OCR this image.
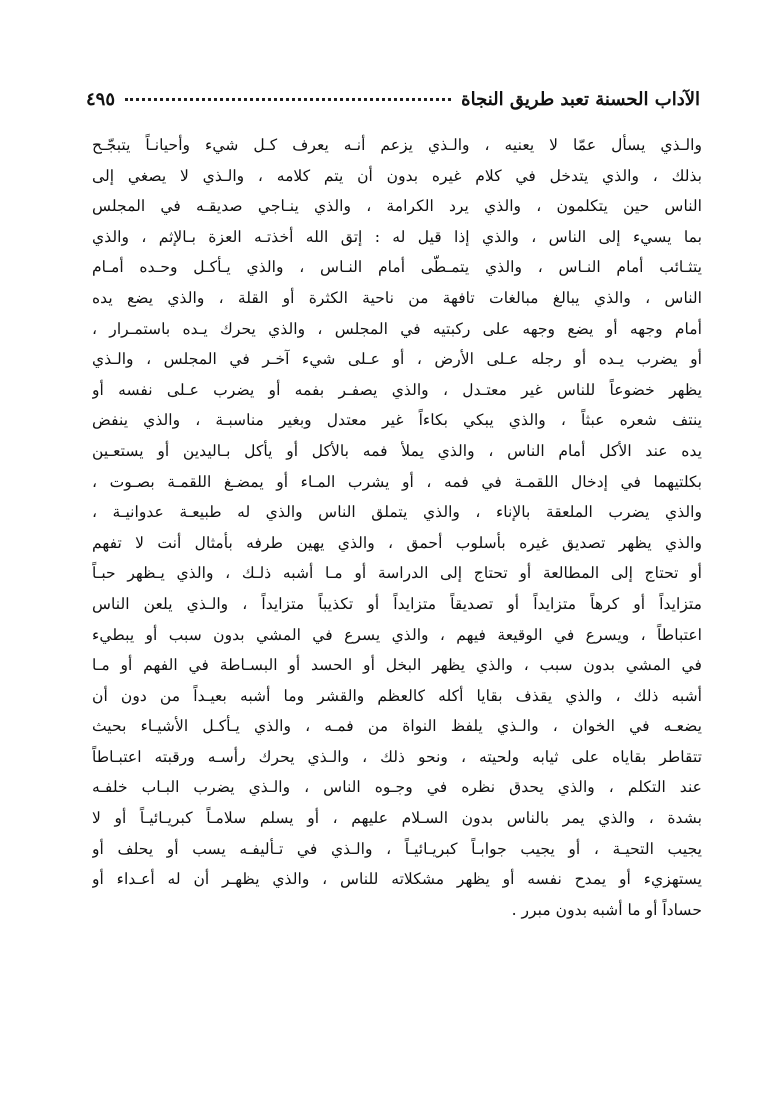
الآداب الحسنة تعبد طريق النجاة
٤٩٥
والـذي يسأل عمّا لا يعنيه ، والـذي يزعم أنـه يعرف كـل شيء وأحيانـاً يتبجّـح
بذلك ، والذي يتدخل في كلام غيره بدون أن يتم كلامه ، والـذي لا يصغي إلى
الناس حين يتكلمون ، والذي يرد الكرامة ، والذي ينـاجي صديقـه في المجلس
بما يسيء إلى الناس ، والذي إذا قيل له : إتق الله أخذتـه العزة بـالإثم ، والذي
يتثـائب أمام النـاس ، والذي يتمـطّى أمام النـاس ، والذي يـأكـل وحـده أمـام
الناس ، والذي يبالغ مبالغات تافهة من ناحية الكثرة أو القلة ، والذي يضع يده
أمام وجهه أو يضع وجهه على ركبتيه في المجلس ، والذي يحرك يـده باستمـرار ،
أو يضرب يـده أو رجله عـلى الأرض ، أو عـلى شيء آخـر في المجلس ، والـذي
يظهر خضوعاً للناس غير معتـدل ، والذي يصفـر بفمه أو يضرب عـلى نفسه أو
ينتف شعره عبثاً ، والذي يبكي بكاءاً غير معتدل وبغير مناسبـة ، والذي ينفض
يده عند الأكل أمام الناس ، والذي يملأ فمه بالأكل أو يأكل بـاليدين أو يستعـين
بكلتيهما في إدخال اللقمـة في فمه ، أو يشرب المـاء أو يمضـغ اللقمـة بصـوت ،
والذي يضرب الملعقة بالإناء ، والذي يتملق الناس والذي له طبيعـة عدوانيـة ،
والذي يظهر تصديق غيره بأسلوب أحمق ، والذي يهين طرفه بأمثال أنت لا تفهم
أو تحتاج إلى المطالعة أو تحتاج إلى الدراسة أو مـا أشبه ذلـك ، والذي يـظهر حبـاً
متزايداً أو كرهاً متزايداً أو تصديقاً متزايداً أو تكذيباً متزايداً ، والـذي يلعن الناس
اعتباطاً ، ويسرع في الوقيعة فيهم ، والذي يسرع في المشي بدون سبب أو يبطيء
في المشي بدون سبب ، والذي يظهر البخل أو الحسد أو البسـاطة في الفهم أو مـا
أشبه ذلك ، والذي يقذف بقايا أكله كالعظم والقشر وما أشبه بعيـداً من دون أن
يضعـه في الخوان ، والـذي يلفظ النواة من فمـه ، والذي يـأكـل الأشيـاء بحيث
تتقاطر بقاياه على ثيابه ولحيته ، ونحو ذلك ، والـذي يحرك رأسـه ورقبته اعتبـاطاً
عند التكلم ، والذي يحدق نظره في وجـوه الناس ، والـذي يضرب البـاب خلفـه
بشدة ، والذي يمر بالناس بدون السـلام عليهم ، أو يسلم سلامـاً كبريـائيـاً أو لا
يجيب التحيـة ، أو يجيب جوابـاً كبريـائيـاً ، والـذي في تـأليفـه يسب أو يحلف أو
يستهزيء أو يمدح نفسه أو يظهر مشكلاته للناس ، والذي يظهـر أن له أعـداء أو
حساداً أو ما أشبه بدون مبرر .
